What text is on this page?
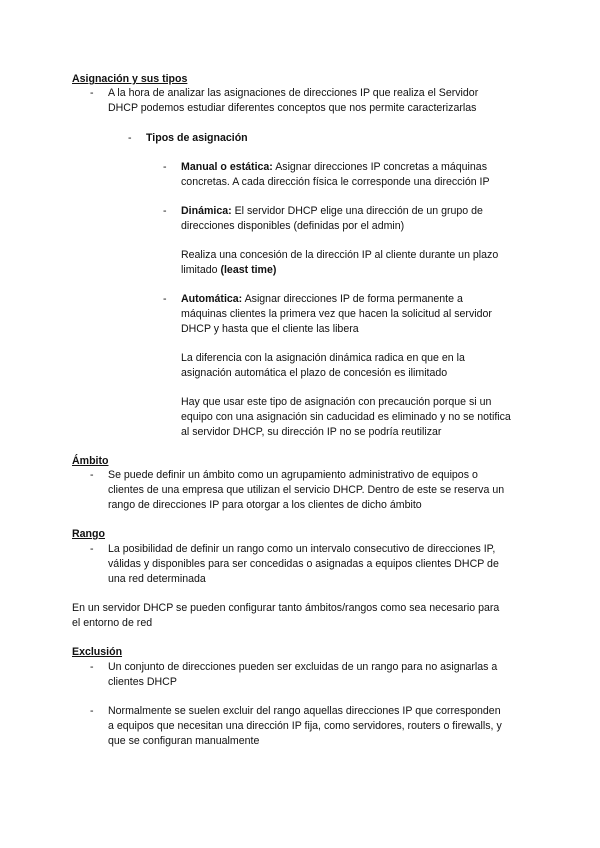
Asignación y sus tipos
-	A la hora de analizar las asignaciones de direcciones IP que realiza el Servidor
DHCP podemos estudiar diferentes conceptos que nos permite caracterizarlas
-	Tipos de asignación
-	Manual o estática: Asignar direcciones IP concretas a máquinas
concretas. A cada dirección física le corresponde una dirección IP
-	Dinámica: El servidor DHCP elige una dirección de un grupo de
direcciones disponibles (definidas por el admin)
Realiza una concesión de la dirección IP al cliente durante un plazo
limitado (least time)
-	Automática: Asignar direcciones IP de forma permanente a
máquinas clientes la primera vez que hacen la solicitud al servidor
DHCP y hasta que el cliente las libera
La diferencia con la asignación dinámica radica en que en la
asignación automática el plazo de concesión es ilimitado
Hay que usar este tipo de asignación con precaución porque si un
equipo con una asignación sin caducidad es eliminado y no se notifica
al servidor DHCP, su dirección IP no se podría reutilizar
Ámbito
-	Se puede definir un ámbito como un agrupamiento administrativo de equipos o
clientes de una empresa que utilizan el servicio DHCP. Dentro de este se reserva un
rango de direcciones IP para otorgar a los clientes de dicho ámbito
Rango
-	La posibilidad de definir un rango como un intervalo consecutivo de direcciones IP,
válidas y disponibles para ser concedidas o asignadas a equipos clientes DHCP de
una red determinada
En un servidor DHCP se pueden configurar tanto ámbitos/rangos como sea necesario para
el entorno de red
Exclusión
-	Un conjunto de direcciones pueden ser excluidas de un rango para no asignarlas a
clientes DHCP
-	Normalmente se suelen excluir del rango aquellas direcciones IP que corresponden
a equipos que necesitan una dirección IP fija, como servidores, routers o firewalls, y
que se configuran manualmente
